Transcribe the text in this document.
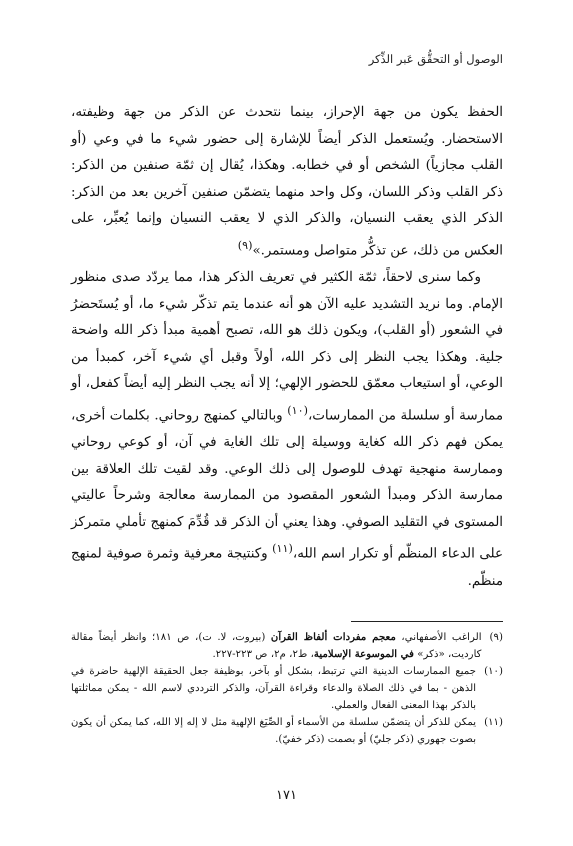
الوصول أو التحقُّق عَبر الذِّكر

الحفظ يكون من جهة الإحراز، بينما نتحدث عن الذكر من جهة وظيفته، الاستحضار. ويُستعمل الذكر أيضاً للإشارة إلى حضور شيء ما في وعي (أو القلب مجازياً) الشخص أو في خطابه. وهكذا، يُقال إن ثمّة صنفين من الذكر: ذكر القلب وذكر اللسان، وكل واحد منهما يتضمّن صنفين آخرين بعد من الذكر: الذكر الذي يعقب النسيان، والذكر الذي لا يعقب النسيان وإنما يُعبِّر، على العكس من ذلك، عن تذكُّر متواصل ومستمر.»$^{(٩)}$

وكما سنرى لاحقاً، ثمّة الكثير في تعريف الذكر هذا، مما يردّد صدى منظور الإمام. وما نريد التشديد عليه الآن هو أنه عندما يتم تذكّر شيء ما، أو يُستَحضرُ في الشعور (أو القلب)، ويكون ذلك هو الله، تصبح أهمية مبدأ ذكر الله واضحة جلية. وهكذا يجب النظر إلى ذكر الله، أولاً وقبل أي شيء آخر، كمبدأ من الوعي، أو استيعاب معمّق للحضور الإلهي؛ إلا أنه يجب النظر إليه أيضاً كفعل، أو ممارسة أو سلسلة من الممارسات،$^{(١٠)}$ وبالتالي كمنهج روحاني. بكلمات أخرى، يمكن فهم ذكر الله كغاية ووسيلة إلى تلك الغاية في آن، أو كوعي روحاني وممارسة منهجية تهدف للوصول إلى ذلك الوعي. وقد لقيت تلك العلاقة بين ممارسة الذكر ومبدأ الشعور المقصود من الممارسة معالجة وشرحاً عاليتي المستوى في التقليد الصوفي. وهذا يعني أن الذكر قد قُدِّمَ كمنهج تأملي متمركز على الدعاء المنظّم أو تكرار اسم الله،$^{(١١)}$ وكنتيجة معرفية وثمرة صوفية لمنهج منظّم.

(٩)
الراغب الأصفهاني، معجم مفردات ألفاظ القرآن (بيروت، لا. ت)، ص ١٨١؛ وانظر أيضاً مقالة كارديت، «ذكر» في الموسوعة الإسلامية، ط٢، م٢، ص ٢٢٣-٢٢٧.
(١٠)
جميع الممارسات الدينية التي ترتبط، بشكل أو بآخر، بوظيفة جعل الحقيقة الإلهية حاضرة في الذهن - بما في ذلك الصلاة والدعاء وقراءة القرآن، والذكر الترددي لاسم الله - يمكن مماثلتها بالذكر بهذا المعنى الفعال والعملي.
(١١)
يمكن للذكر أن يتضمّن سلسلة من الأسماء أو الصِّيَغ الإلهية مثل لا إله إلا الله، كما يمكن أن يكون بصوت جهوري (ذكر جليّ) أو بصمت (ذكر خفيّ).
١٧١
